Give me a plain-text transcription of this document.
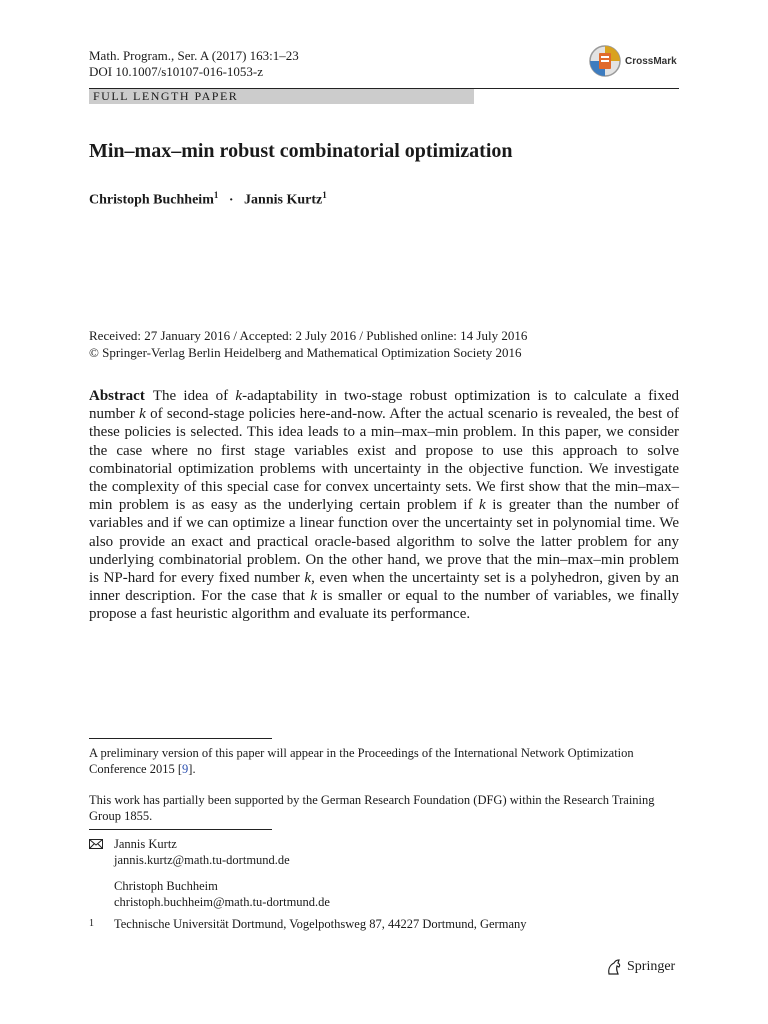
Math. Program., Ser. A (2017) 163:1–23
DOI 10.1007/s10107-016-1053-z
CrossMark
FULL LENGTH PAPER
Min–max–min robust combinatorial optimization
Christoph Buchheim$^1$ · Jannis Kurtz$^1$
Received: 27 January 2016 / Accepted: 2 July 2016 / Published online: 14 July 2016
© Springer-Verlag Berlin Heidelberg and Mathematical Optimization Society 2016
Abstract The idea of k-adaptability in two-stage robust optimization is to calculate a fixed number k of second-stage policies here-and-now. After the actual scenario is revealed, the best of these policies is selected. This idea leads to a min–max–min problem. In this paper, we consider the case where no first stage variables exist and propose to use this approach to solve combinatorial optimization problems with uncertainty in the objective function. We investigate the complexity of this special case for convex uncertainty sets. We first show that the min–max–min problem is as easy as the underlying certain problem if k is greater than the number of variables and if we can optimize a linear function over the uncertainty set in polynomial time. We also provide an exact and practical oracle-based algorithm to solve the latter problem for any underlying combinatorial problem. On the other hand, we prove that the min–max–min problem is NP-hard for every fixed number k, even when the uncertainty set is a polyhedron, given by an inner description. For the case that k is smaller or equal to the number of variables, we finally propose a fast heuristic algorithm and evaluate its performance.
A preliminary version of this paper will appear in the Proceedings of the International Network Optimization Conference 2015 [9].
This work has partially been supported by the German Research Foundation (DFG) within the Research Training Group 1855.
Jannis Kurtz
jannis.kurtz@math.tu-dortmund.de
Christoph Buchheim
christoph.buchheim@math.tu-dortmund.de
1	Technische Universität Dortmund, Vogelpothsweg 87, 44227 Dortmund, Germany
Springer
